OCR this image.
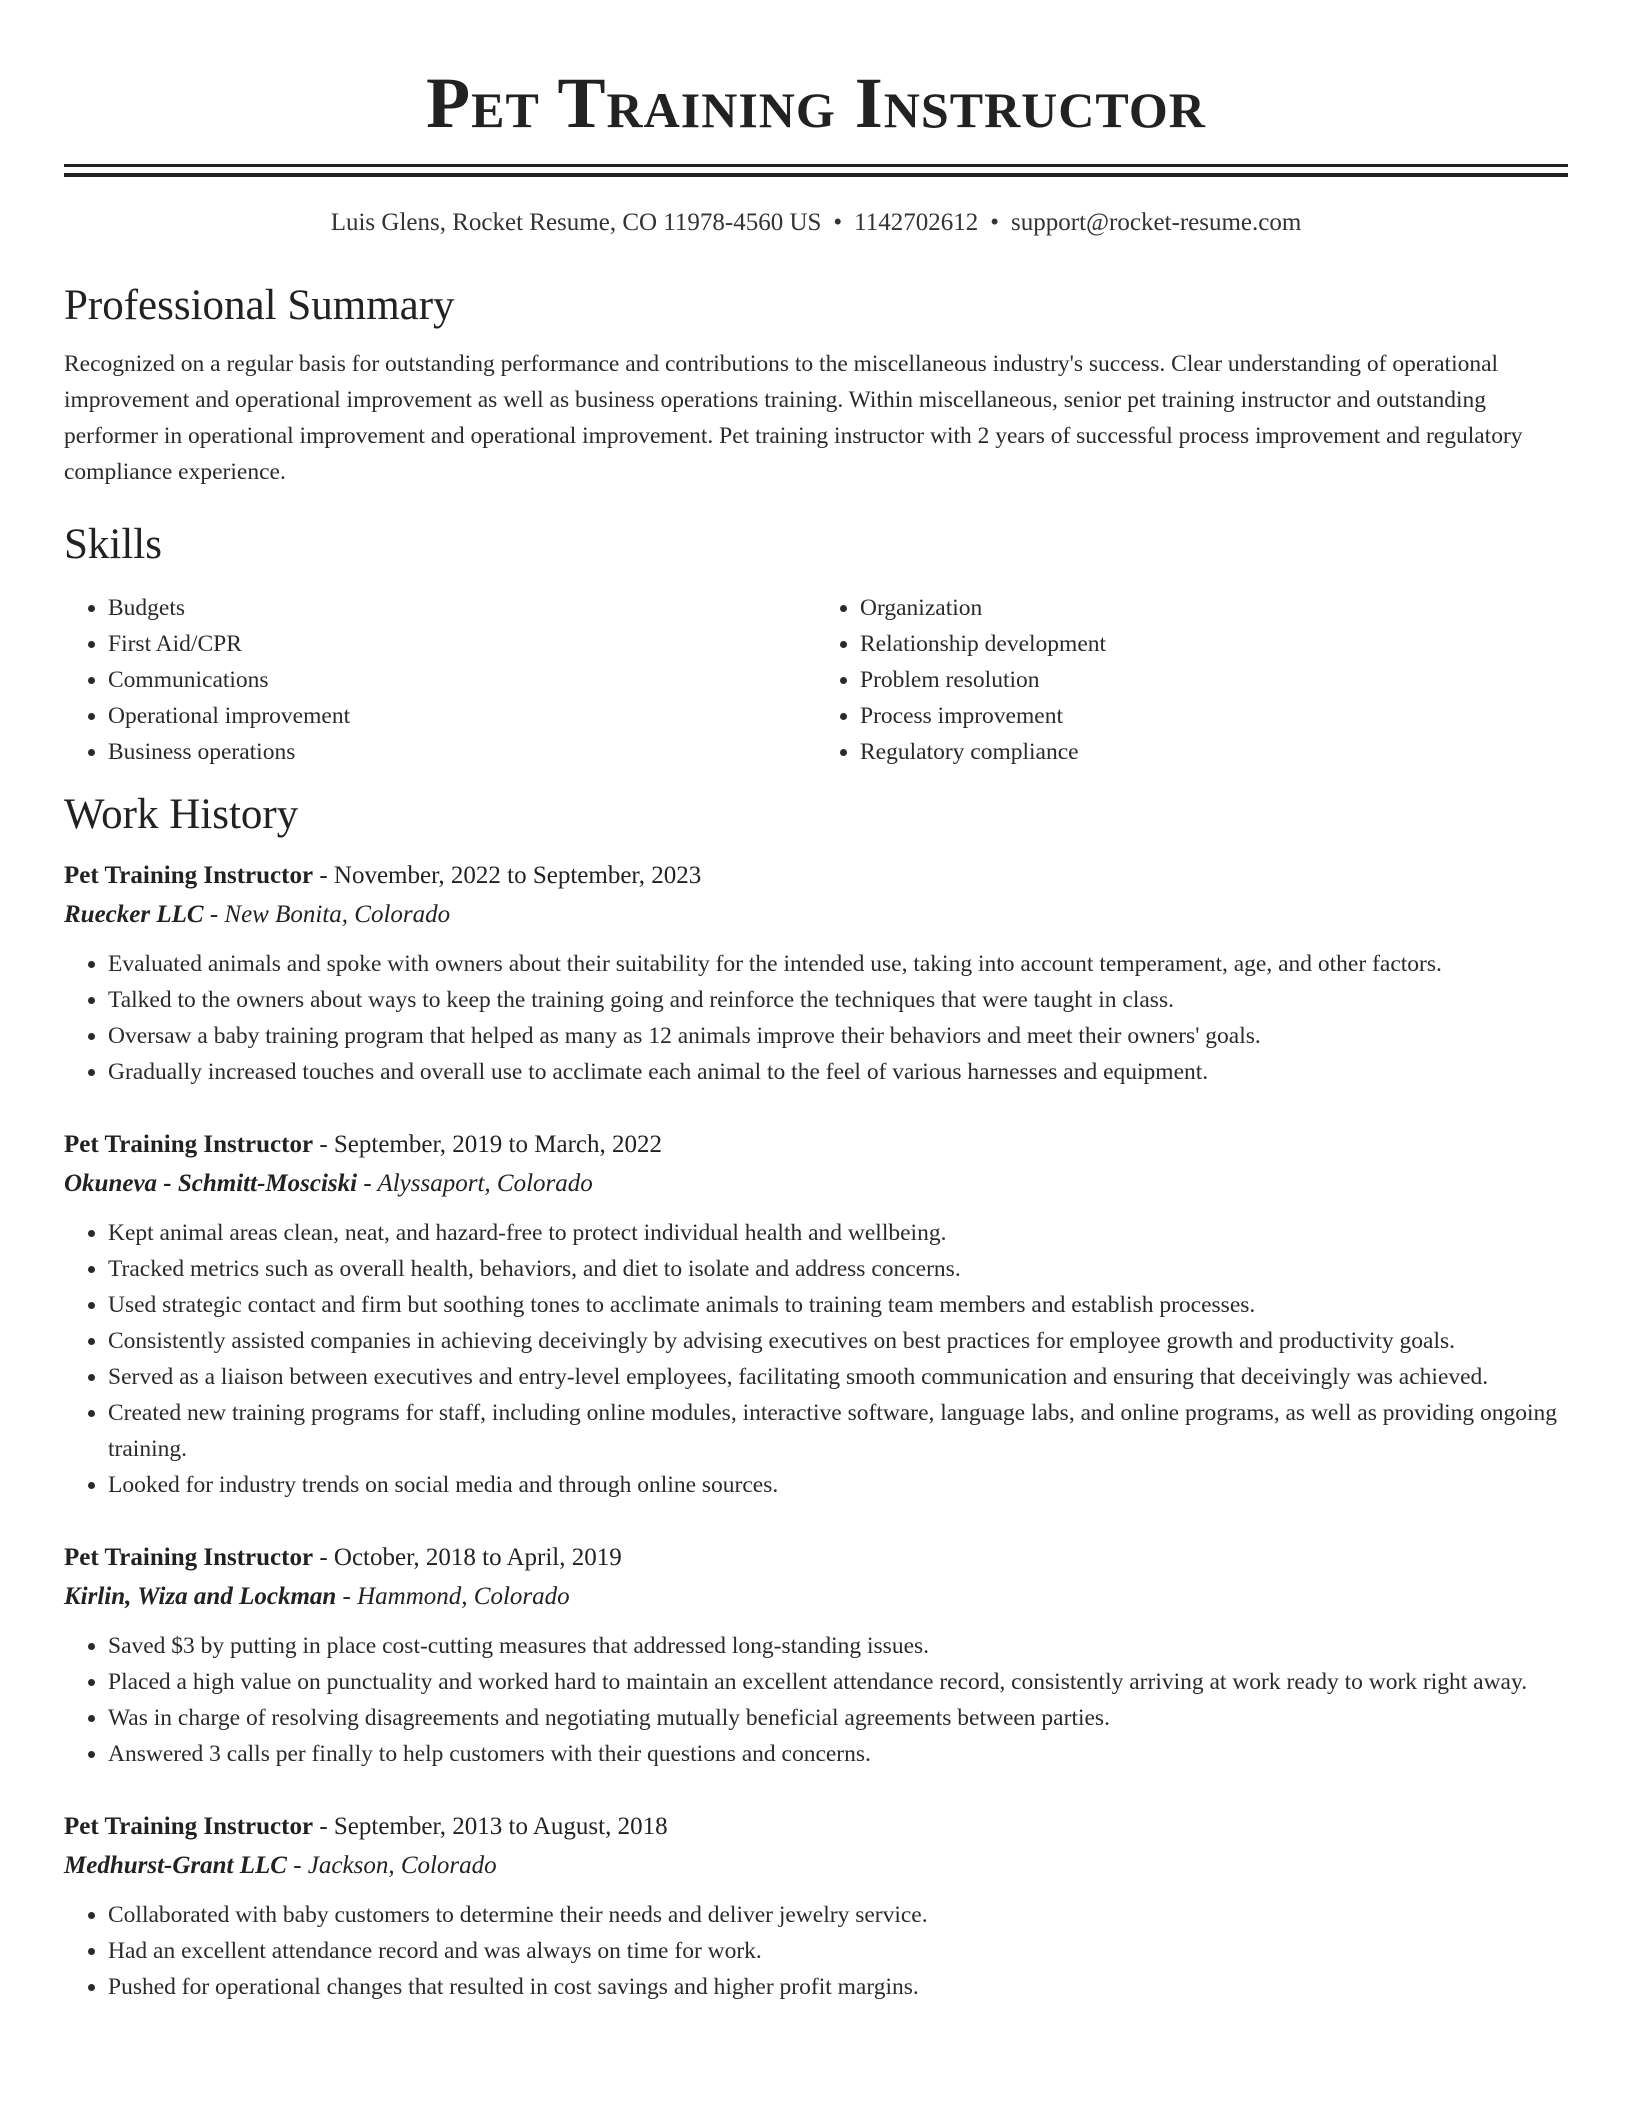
Pet Training Instructor
Luis Glens, Rocket Resume, CO 11978-4560 US • 1142702612 • support@rocket-resume.com
Professional Summary

Recognized on a regular basis for outstanding performance and contributions to the miscellaneous industry's success. Clear understanding of operational improvement and operational improvement as well as business operations training. Within miscellaneous, senior pet training instructor and outstanding performer in operational improvement and operational improvement. Pet training instructor with 2 years of successful process improvement and regulatory compliance experience.

Skills
• Budgets
• First Aid/CPR
• Communications
• Operational improvement
• Business operations
• Organization
• Relationship development
• Problem resolution
• Process improvement
• Regulatory compliance
Work History
Pet Training Instructor - November, 2022 to September, 2023
Ruecker LLC - New Bonita, Colorado
• Evaluated animals and spoke with owners about their suitability for the intended use, taking into account temperament, age, and other factors.
• Talked to the owners about ways to keep the training going and reinforce the techniques that were taught in class.
• Oversaw a baby training program that helped as many as 12 animals improve their behaviors and meet their owners' goals.
• Gradually increased touches and overall use to acclimate each animal to the feel of various harnesses and equipment.
Pet Training Instructor - September, 2019 to March, 2022
Okuneva - Schmitt-Mosciski - Alyssaport, Colorado
• Kept animal areas clean, neat, and hazard-free to protect individual health and wellbeing.
• Tracked metrics such as overall health, behaviors, and diet to isolate and address concerns.
• Used strategic contact and firm but soothing tones to acclimate animals to training team members and establish processes.
• Consistently assisted companies in achieving deceivingly by advising executives on best practices for employee growth and productivity goals.
• Served as a liaison between executives and entry-level employees, facilitating smooth communication and ensuring that deceivingly was achieved.
• Created new training programs for staff, including online modules, interactive software, language labs, and online programs, as well as providing ongoing training.
• Looked for industry trends on social media and through online sources.
Pet Training Instructor - October, 2018 to April, 2019
Kirlin, Wiza and Lockman - Hammond, Colorado
• Saved $3 by putting in place cost-cutting measures that addressed long-standing issues.
• Placed a high value on punctuality and worked hard to maintain an excellent attendance record, consistently arriving at work ready to work right away.
• Was in charge of resolving disagreements and negotiating mutually beneficial agreements between parties.
• Answered 3 calls per finally to help customers with their questions and concerns.
Pet Training Instructor - September, 2013 to August, 2018
Medhurst-Grant LLC - Jackson, Colorado
• Collaborated with baby customers to determine their needs and deliver jewelry service.
• Had an excellent attendance record and was always on time for work.
• Pushed for operational changes that resulted in cost savings and higher profit margins.
